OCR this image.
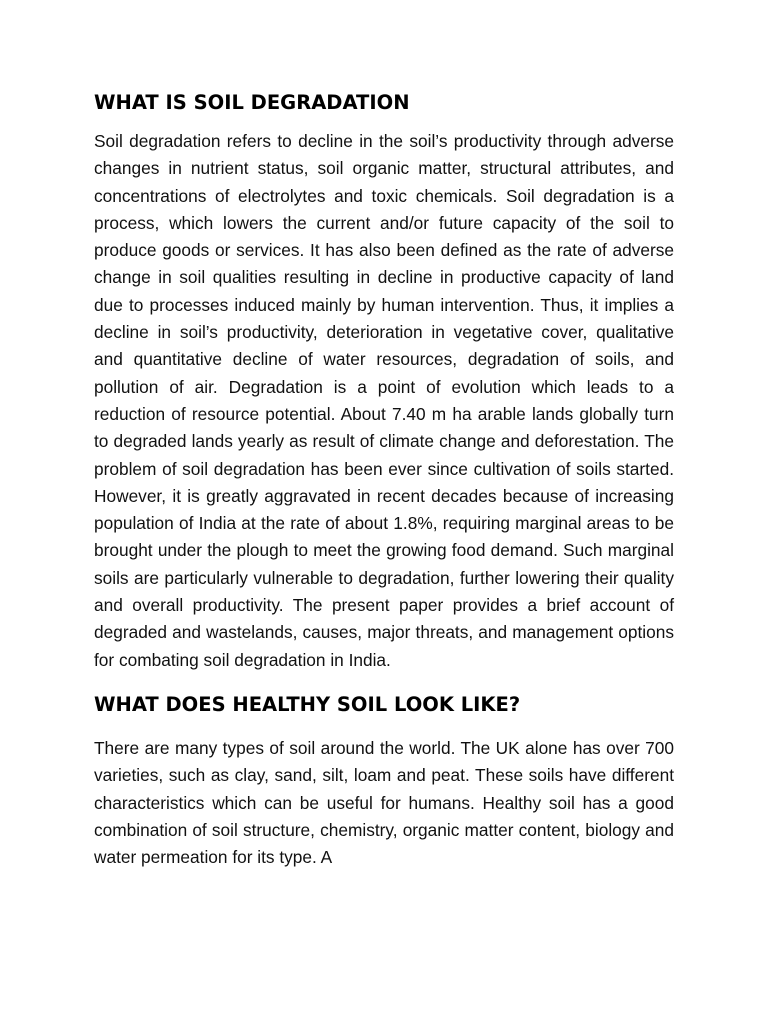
WHAT IS SOIL DEGRADATION

Soil degradation refers to decline in the soil’s productivity through adverse changes in nutrient status, soil organic matter, structural attributes, and concentrations of electrolytes and toxic chemicals. Soil degradation is a process, which lowers the current and/or future capacity of the soil to produce goods or services. It has also been defined as the rate of adverse change in soil qualities resulting in decline in productive capacity of land due to processes induced mainly by human intervention. Thus, it implies a decline in soil’s productivity, deterioration in vegetative cover, qualitative and quantitative decline of water resources, degradation of soils, and pollution of air. Degradation is a point of evolution which leads to a reduction of resource potential. About 7.40 m ha arable lands globally turn to degraded lands yearly as result of climate change and deforestation. The problem of soil degradation has been ever since cultivation of soils started. However, it is greatly aggravated in recent decades because of increasing population of India at the rate of about 1.8%, requiring marginal areas to be brought under the plough to meet the growing food demand. Such marginal soils are particularly vulnerable to degradation, further lowering their quality and overall productivity. The present paper provides a brief account of degraded and wastelands, causes, major threats, and management options for combating soil degradation in India.

WHAT DOES HEALTHY SOIL LOOK LIKE?

There are many types of soil around the world. The UK alone has over 700 varieties, such as clay, sand, silt, loam and peat. These soils have different characteristics which can be useful for humans. Healthy soil has a good combination of soil structure, chemistry, organic matter content, biology and water permeation for its type. A
